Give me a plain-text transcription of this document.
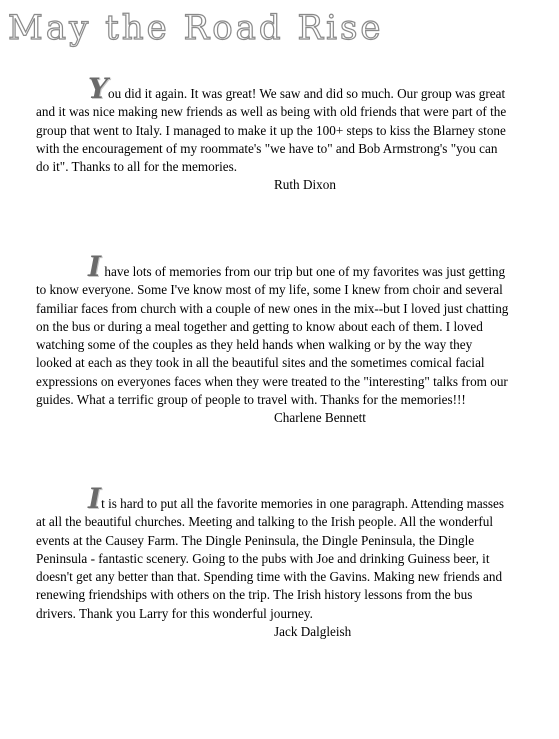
May the Road Rise

You did it again. It was great! We saw and did so much. Our group was great and it was nice making new friends as well as being with old friends that were part of the group that went to Italy. I managed to make it up the 100+ steps to kiss the Blarney stone with the encouragement of my roommate's "we have to" and Bob Armstrong's "you can do it". Thanks to all for the memories.

Ruth Dixon

I have lots of memories from our trip but one of my favorites was just getting to know everyone. Some I've know most of my life, some I knew from choir and several familiar faces from church with a couple of new ones in the mix--but I loved just chatting on the bus or during a meal together and getting to know about each of them. I loved watching some of the couples as they held hands when walking or by the way they looked at each as they took in all the beautiful sites and the sometimes comical facial expressions on everyones faces when they were treated to the "interesting" talks from our guides. What a terrific group of people to travel with. Thanks for the memories!!!

Charlene Bennett

It is hard to put all the favorite memories in one paragraph. Attending masses at all the beautiful churches. Meeting and talking to the Irish people. All the wonderful events at the Causey Farm. The Dingle Peninsula, the Dingle Peninsula, the Dingle Peninsula - fantastic scenery. Going to the pubs with Joe and drinking Guiness beer, it doesn't get any better than that. Spending time with the Gavins. Making new friends and renewing friendships with others on the trip. The Irish history lessons from the bus drivers. Thank you Larry for this wonderful journey.

Jack Dalgleish
